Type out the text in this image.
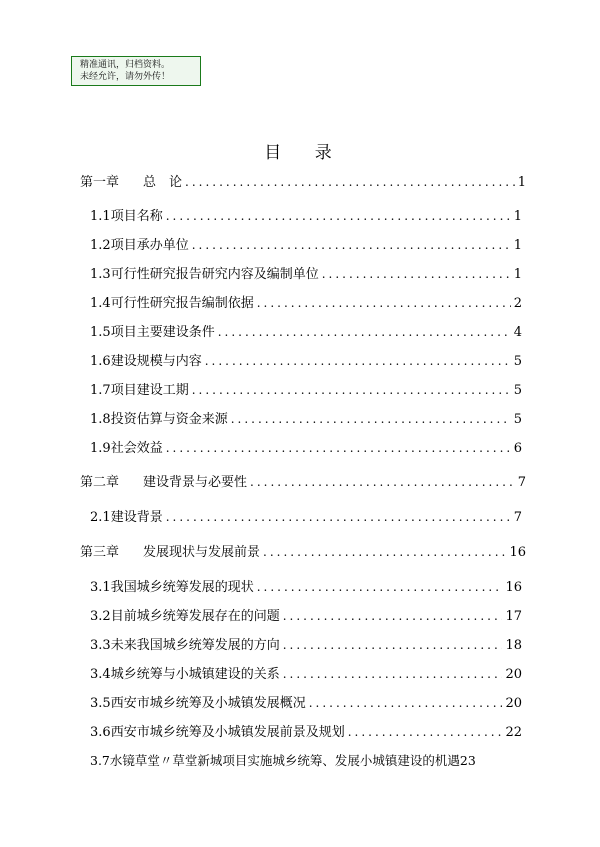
精准通讯，归档资料。
未经允许，请勿外传！
目 录
第一章 总　论 .....	1
1.1 项目名称 .....	1
1.2 项目承办单位 .....	1
1.3 可行性研究报告研究内容及编制单位 .....	1
1.4 可行性研究报告编制依据 .....	2
1.5 项目主要建设条件 .....	4
1.6 建设规模与内容 .....	5
1.7 项目建设工期 .....	5
1.8 投资估算与资金来源 .....	5
1.9 社会效益 .....	6
第二章 建设背景与必要性 .....	7
2.1 建设背景 .....	7
第三章 发展现状与发展前景 .....	16
3.1 我国城乡统筹发展的现状 .....	16
3.2 目前城乡统筹发展存在的问题 .....	17
3.3 未来我国城乡统筹发展的方向 .....	18
3.4 城乡统筹与小城镇建设的关系 .....	20
3.5 西安市城乡统筹及小城镇发展概况 .....	20
3.6 西安市城乡统筹及小城镇发展前景及规划 .....	22
3.7 水镜草堂〃草堂新城项目实施城乡统筹、发展小城镇建设的机遇 23
